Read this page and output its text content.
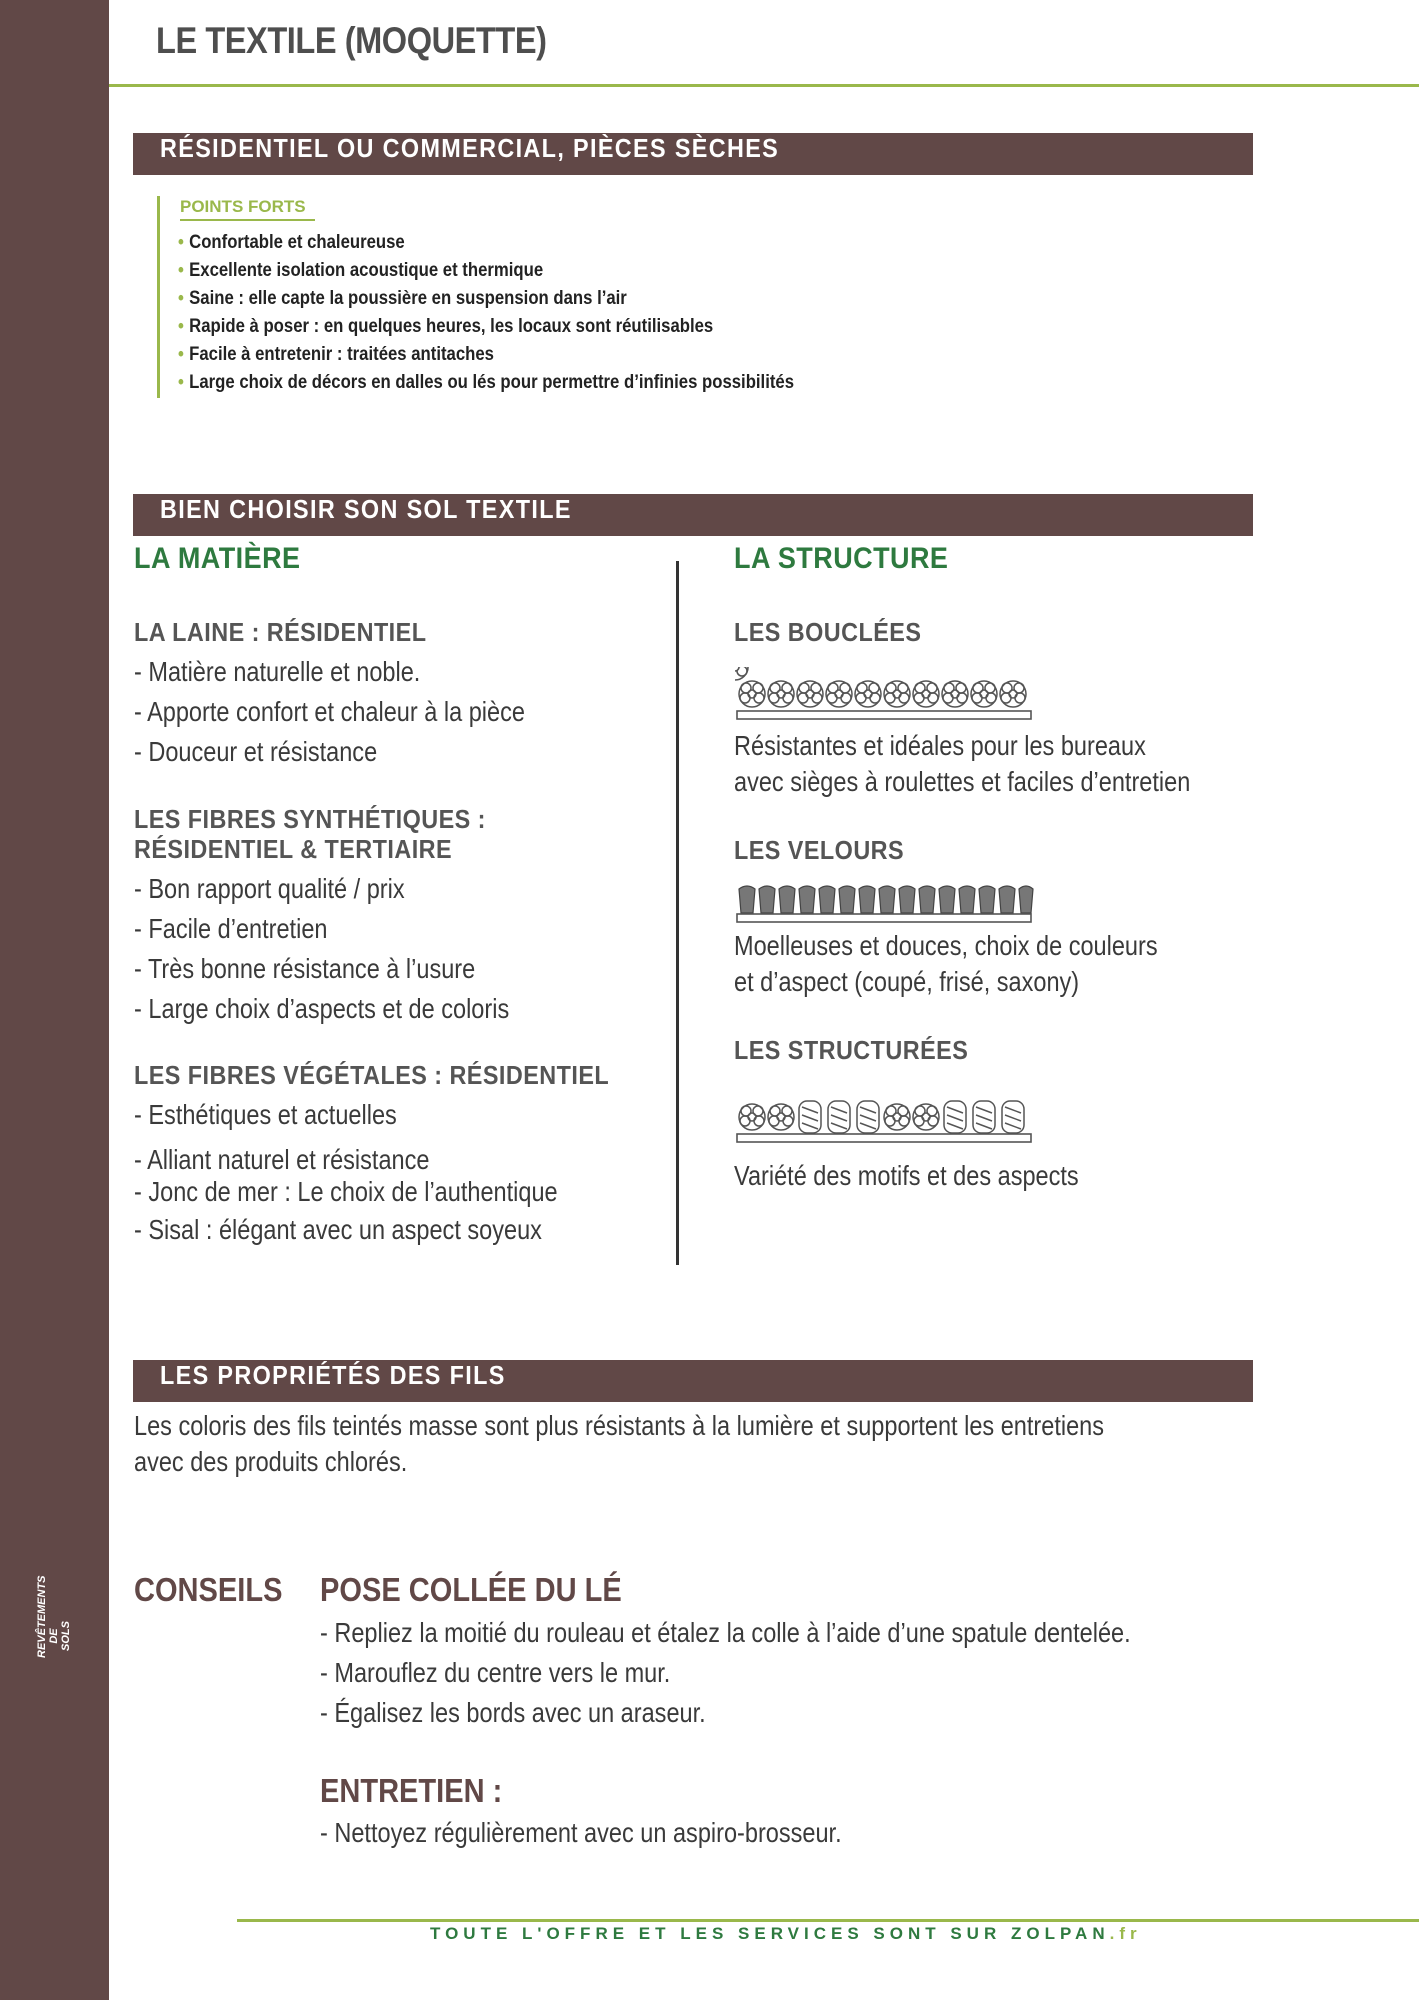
REVÊTEMENTS DE SOLS
LE TEXTILE (MOQUETTE)
RÉSIDENTIEL OU COMMERCIAL, PIÈCES SÈCHES
POINTS FORTS
• Confortable et chaleureuse
• Excellente isolation acoustique et thermique
• Saine : elle capte la poussière en suspension dans l’air
• Rapide à poser : en quelques heures, les locaux sont réutilisables
• Facile à entretenir : traitées antitaches
• Large choix de décors en dalles ou lés pour permettre d’infinies possibilités
BIEN CHOISIR SON SOL TEXTILE
LA MATIÈRE
LA LAINE : RÉSIDENTIEL
- Matière naturelle et noble.
- Apporte confort et chaleur à la pièce
- Douceur et résistance
LES FIBRES SYNTHÉTIQUES :
RÉSIDENTIEL & TERTIAIRE
- Bon rapport qualité / prix
- Facile d’entretien
- Très bonne résistance à l’usure
- Large choix d’aspects et de coloris
LES FIBRES VÉGÉTALES : RÉSIDENTIEL
- Esthétiques et actuelles
- Alliant naturel et résistance
- Jonc de mer : Le choix de l’authentique
- Sisal : élégant avec un aspect soyeux
LA STRUCTURE
LES BOUCLÉES
Résistantes et idéales pour les bureaux
avec sièges à roulettes et faciles d’entretien
LES VELOURS
Moelleuses et douces, choix de couleurs
et d’aspect (coupé, frisé, saxony)
LES STRUCTURÉES
Variété des motifs et des aspects
LES PROPRIÉTÉS DES FILS
Les coloris des fils teintés masse sont plus résistants à la lumière et supportent les entretiens
avec des produits chlorés.
CONSEILS POSE COLLÉE DU LÉ
- Repliez la moitié du rouleau et étalez la colle à l’aide d’une spatule dentelée.
- Marouflez du centre vers le mur.
- Égalisez les bords avec un araseur.
ENTRETIEN :
- Nettoyez régulièrement avec un aspiro-brosseur.
TOUTE L'OFFRE ET LES SERVICES SONT SUR ZOLPAN.fr
